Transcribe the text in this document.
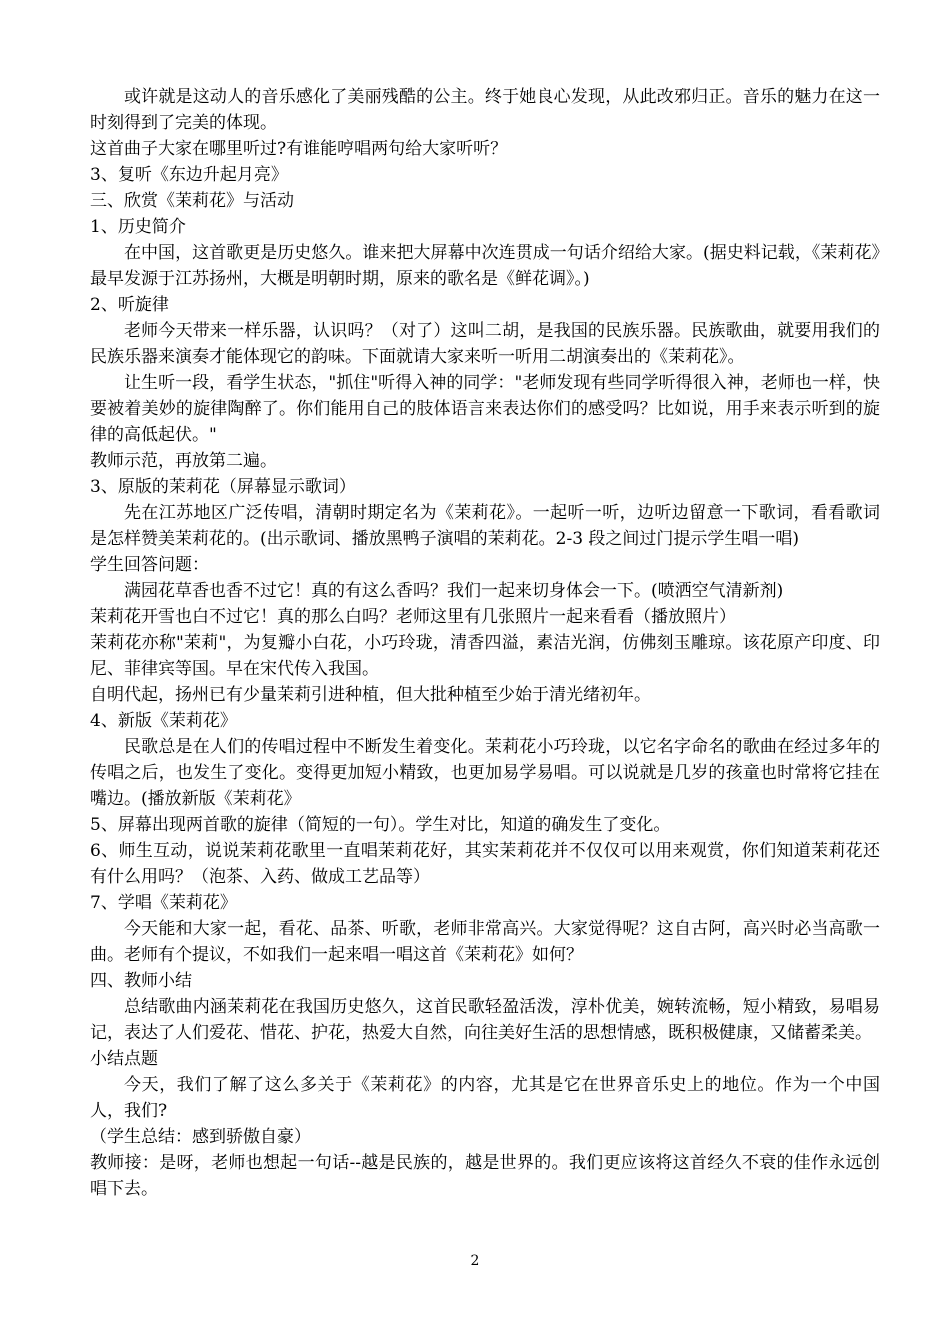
或许就是这动人的音乐感化了美丽残酷的公主。终于她良心发现，从此改邪归正。音乐的魅力在这一时刻得到了完美的体现。
这首曲子大家在哪里听过?有谁能哼唱两句给大家听听？
3、复听《东边升起月亮》
三、欣赏《茉莉花》与活动
1、历史简介
在中国，这首歌更是历史悠久。谁来把大屏幕中次连贯成一句话介绍给大家。(据史料记载，《茉莉花》最早发源于江苏扬州，大概是明朝时期，原来的歌名是《鲜花调》。)
2、听旋律
老师今天带来一样乐器，认识吗？（对了）这叫二胡，是我国的民族乐器。民族歌曲，就要用我们的民族乐器来演奏才能体现它的韵味。下面就请大家来听一听用二胡演奏出的《茉莉花》。
让生听一段，看学生状态，"抓住"听得入神的同学："老师发现有些同学听得很入神，老师也一样，快要被着美妙的旋律陶醉了。你们能用自己的肢体语言来表达你们的感受吗？比如说，用手来表示听到的旋律的高低起伏。"
教师示范，再放第二遍。
3、原版的茉莉花（屏幕显示歌词）
先在江苏地区广泛传唱，清朝时期定名为《茉莉花》。一起听一听，边听边留意一下歌词，看看歌词是怎样赞美茉莉花的。(出示歌词、播放黑鸭子演唱的茉莉花。2-3 段之间过门提示学生唱一唱)
学生回答问题：
满园花草香也香不过它！真的有这么香吗？我们一起来切身体会一下。(喷洒空气清新剂)
茉莉花开雪也白不过它！真的那么白吗？老师这里有几张照片一起来看看（播放照片）
茉莉花亦称"茉莉"，为复瓣小白花，小巧玲珑，清香四溢，素洁光润，仿佛刻玉雕琼。该花原产印度、印尼、菲律宾等国。早在宋代传入我国。
自明代起，扬州已有少量茉莉引进种植，但大批种植至少始于清光绪初年。
4、新版《茉莉花》
民歌总是在人们的传唱过程中不断发生着变化。茉莉花小巧玲珑，以它名字命名的歌曲在经过多年的传唱之后，也发生了变化。变得更加短小精致，也更加易学易唱。可以说就是几岁的孩童也时常将它挂在嘴边。(播放新版《茉莉花》
5、屏幕出现两首歌的旋律（简短的一句）。学生对比，知道的确发生了变化。
6、师生互动，说说茉莉花歌里一直唱茉莉花好，其实茉莉花并不仅仅可以用来观赏，你们知道茉莉花还有什么用吗？（泡茶、入药、做成工艺品等）
7、学唱《茉莉花》
今天能和大家一起，看花、品茶、听歌，老师非常高兴。大家觉得呢？这自古阿，高兴时必当高歌一曲。老师有个提议，不如我们一起来唱一唱这首《茉莉花》如何？
四、教师小结
总结歌曲内涵茉莉花在我国历史悠久，这首民歌轻盈活泼，淳朴优美，婉转流畅，短小精致，易唱易记，表达了人们爱花、惜花、护花，热爱大自然，向往美好生活的思想情感，既积极健康，又储蓄柔美。
小结点题
今天，我们了解了这么多关于《茉莉花》的内容，尤其是它在世界音乐史上的地位。作为一个中国人，我们?
（学生总结：感到骄傲自豪）
教师接：是呀，老师也想起一句话--越是民族的，越是世界的。我们更应该将这首经久不衰的佳作永远创唱下去。
2
